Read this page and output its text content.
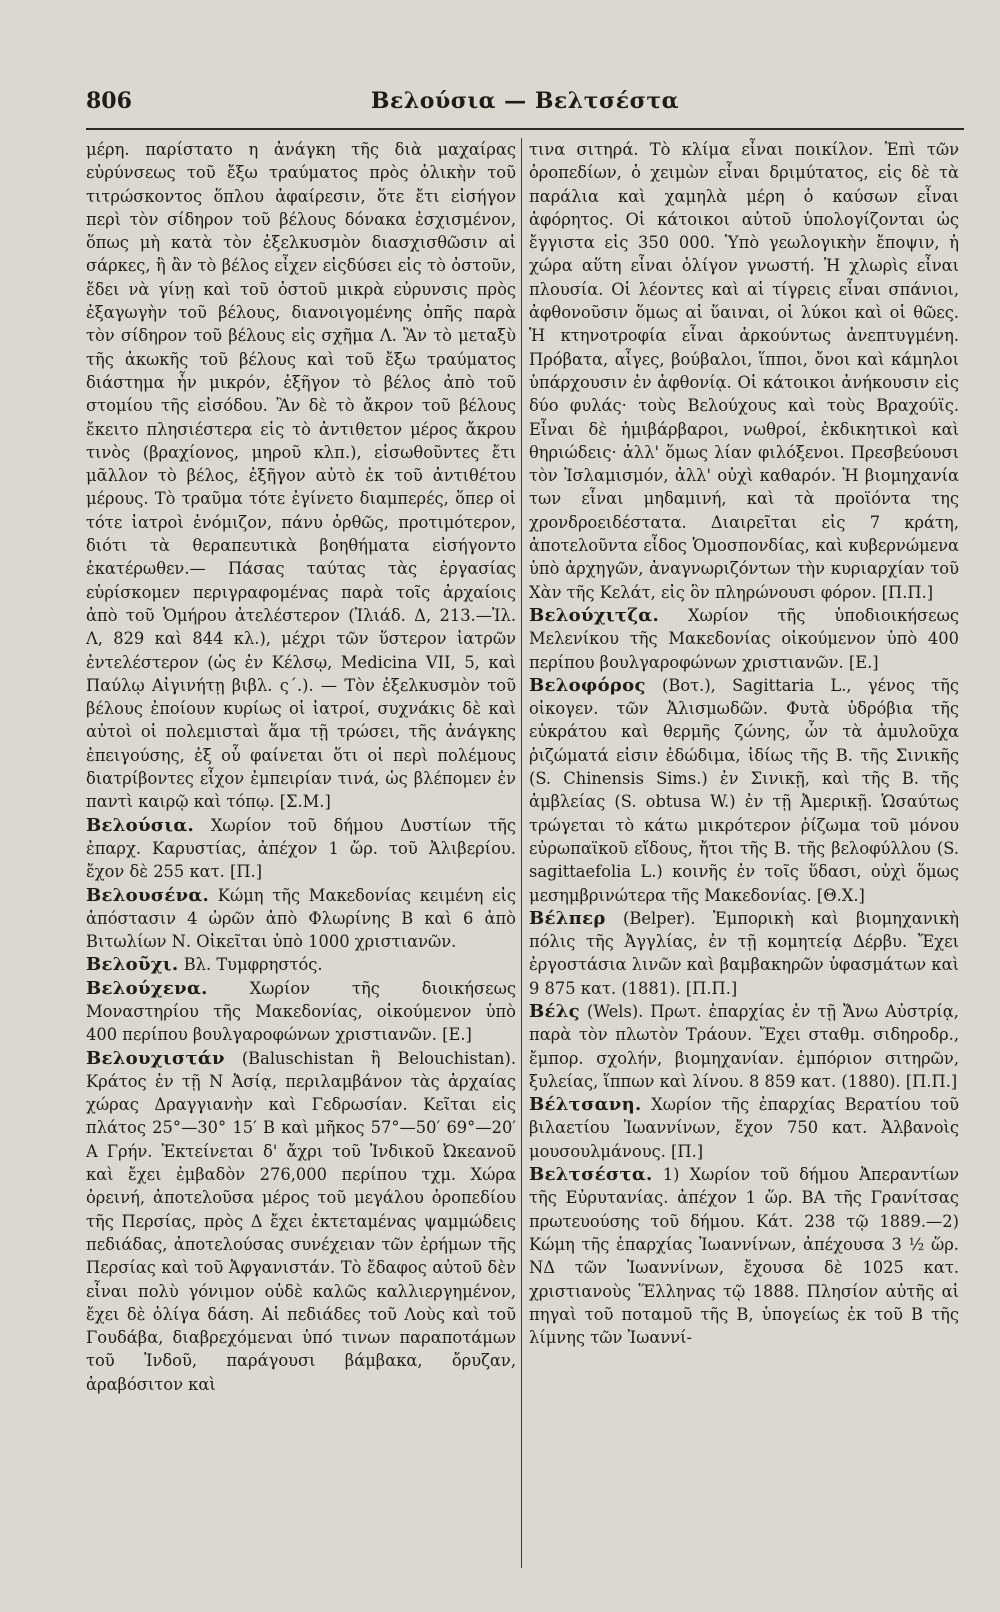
806	Βελούσια — Βελτσέστα

μέρη. παρίστατο η ἀνάγκη τῆς διὰ μαχαίρας εὐρύνσεως τοῦ ἔξω τραύματος πρὸς ὁλικὴν τοῦ τιτρώσκοντος ὅπλου ἀφαίρεσιν, ὅτε ἔτι εἰσήγον περὶ τὸν σίδηρον τοῦ βέλους δόνακα ἐσχισμένον, ὅπως μὴ κατὰ τὸν ἐξελκυσμὸν διασχισθῶσιν αἱ σάρκες, ἢ ἂν τὸ βέλος εἶχεν εἰςδύσει εἰς τὸ ὀστοῦν, ἔδει νὰ γίνῃ καὶ τοῦ ὀστοῦ μικρὰ εὐρυνσις πρὸς ἐξαγωγὴν τοῦ βέλους, διανοιγομένης ὀπῆς παρὰ τὸν σίδηρον τοῦ βέλους εἰς σχῆμα Λ. Ἂν τὸ μεταξὺ τῆς ἀκωκῆς τοῦ βέλους καὶ τοῦ ἔξω τραύματος διάστημα ἦν μικρόν, ἐξῆγον τὸ βέλος ἀπὸ τοῦ στομίου τῆς εἰσόδου. Ἂν δὲ τὸ ἄκρον τοῦ βέλους ἔκειτο πλησιέστερα εἰς τὸ ἀντιθετον μέρος ἄκρου τινὸς (βραχίονος, μηροῦ κλπ.), εἰσωθοῦντες ἔτι μᾶλλον τὸ βέλος, ἐξῆγον αὐτὸ ἐκ τοῦ ἀντιθέτου μέρους. Τὸ τραῦμα τότε ἐγίνετο διαμπερές, ὅπερ οἱ τότε ἰατροὶ ἐνόμιζον, πάνυ ὀρθῶς, προτιμότερον, διότι τὰ θεραπευτικὰ βοηθήματα εἰσήγοντο ἑκατέρωθεν.— Πάσας ταύτας τὰς ἐργασίας εὑρίσκομεν περιγραφομένας παρὰ τοῖς ἀρχαίοις ἀπὸ τοῦ Ὁμήρου ἀτελέστερον (Ἰλιάδ. Δ, 213.—Ἰλ. Λ, 829 καὶ 844 κλ.), μέχρι τῶν ὕστερον ἰατρῶν ἐντελέστερον (ὡς ἐν Κέλσῳ, Medicina VII, 5, καὶ Παύλῳ Αἰγινήτῃ βιβλ. ς΄.). — Τὸν ἐξελκυσμὸν τοῦ βέλους ἐποίουν κυρίως οἱ ἰατροί, συχνάκις δὲ καὶ αὐτοὶ οἱ πολεμισταὶ ἅμα τῇ τρώσει, τῆς ἀνάγκης ἐπειγούσης, ἐξ οὗ φαίνεται ὅτι οἱ περὶ πολέμους διατρίβοντες εἶχον ἐμπειρίαν τινά, ὡς βλέπομεν ἐν παντὶ καιρῷ καὶ τόπῳ. [Σ.Μ.]

Βελούσια. Χωρίον τοῦ δήμου Δυστίων τῆς ἐπαρχ. Καρυστίας, ἀπέχον 1 ὥρ. τοῦ Ἀλιβερίου. ἔχον δὲ 255 κατ. [Π.]

Βελουσένα. Κώμη τῆς Μακεδονίας κειμένη εἰς ἀπόστασιν 4 ὡρῶν ἀπὸ Φλωρίνης Β καὶ 6 ἀπὸ Βιτωλίων Ν. Οἰκεῖται ὑπὸ 1000 χριστιανῶν.

Βελοῦχι. Βλ. Τυμφρηστός.

Βελούχενα.	Χωρίον τῆς διοικήσεως Μοναστηρίου τῆς Μακεδονίας, οἰκούμενον ὑπὸ 400 περίπου βουλγαροφώνων χριστιανῶν. [Ε.]

Βελουχιστάν (Baluschistan ἢ Belouchistan). Κράτος ἐν τῇ Ν Ἀσίᾳ, περιλαμβάνον τὰς ἀρχαίας χώρας Δραγγιανὴν καὶ Γεδρωσίαν. Κεῖται εἰς πλάτος 25°—30° 15′ Β καὶ μῆκος 57°—50′ 69°—20′ Α Γρήν. Ἐκτείνεται δ' ἄχρι τοῦ Ἰνδικοῦ Ὠκεανοῦ καὶ ἔχει ἐμβαδὸν 276,000 περίπου τχμ. Χώρα ὀρεινή, ἀποτελοῦσα μέρος τοῦ μεγάλου ὀροπεδίου τῆς Περσίας, πρὸς Δ ἔχει ἐκτεταμένας ψαμμώδεις πεδιάδας, ἀποτελούσας συνέχειαν τῶν ἐρήμων τῆς Περσίας καὶ τοῦ Ἀφγανιστάν. Τὸ ἔδαφος αὐτοῦ δὲν εἶναι πολὺ γόνιμον οὐδὲ καλῶς καλλιεργημένον, ἔχει δὲ ὀλίγα δάση. Αἱ πεδιάδες τοῦ Λοὺς καὶ τοῦ Γουδάβα, διαβρεχόμεναι ὑπό τινων παραποτάμων τοῦ Ἰνδοῦ, παράγουσι βάμβακα, ὄρυζαν, ἀραβόσιτον καὶ

τινα σιτηρά. Τὸ κλίμα εἶναι ποικίλον. Ἐπὶ τῶν ὀροπεδίων, ὁ χειμὼν εἶναι δριμύτατος, εἰς δὲ τὰ παράλια καὶ χαμηλὰ μέρη ὁ καύσων εἶναι ἀφόρητος. Οἱ κάτοικοι αὐτοῦ ὑπολογίζονται ὡς ἔγγιστα εἰς 350 000. Ὑπὸ γεωλογικὴν ἔποψιν, ἡ χώρα αὕτη εἶναι ὀλίγον γνωστή. Ἡ χλωρὶς εἶναι πλουσία. Οἱ λέοντες καὶ αἱ τίγρεις εἶναι σπάνιοι, ἀφθονοῦσιν ὅμως αἱ ὕαιναι, οἱ λύκοι καὶ οἱ θῶες. Ἡ κτηνοτροφία εἶναι ἀρκούντως ἀνεπτυγμένη. Πρόβατα, αἶγες, βούβαλοι, ἵπποι, ὄνοι καὶ κάμηλοι ὑπάρχουσιν ἐν ἀφθονίᾳ. Οἱ κάτοικοι ἀνήκουσιν εἰς δύο φυλάς· τοὺς Βελούχους καὶ τοὺς Βραχούϊς. Εἶναι δὲ ἡμιβάρβαροι, νωθροί, ἐκδικητικοὶ καὶ θηριώδεις· ἀλλ' ὅμως λίαν φιλόξενοι. Πρεσβεύουσι τὸν Ἰσλαμισμόν, ἀλλ' οὐχὶ καθαρόν. Ἡ βιομηχανία των εἶναι μηδαμινή, καὶ τὰ προϊόντα της χρονδροειδέστατα. Διαιρεῖται εἰς 7 κράτη, ἀποτελοῦντα εἶδος Ὁμοσπονδίας, καὶ κυβερνώμενα ὑπὸ ἀρχηγῶν, ἀναγνωριζόντων τὴν κυριαρχίαν τοῦ Χὰν τῆς Κελάτ, εἰς ὃν πληρώνουσι φόρον. [Π.Π.]

Βελούχιτζα. Χωρίον τῆς ὑποδιοικήσεως Μελενίκου τῆς Μακεδονίας οἰκούμενον ὑπὸ 400 περίπου βουλγαροφώνων χριστιανῶν. [Ε.]

Βελοφόρος (Βοτ.), Sagittaria L., γένος τῆς οἰκογεν. τῶν Ἀλισμωδῶν. Φυτὰ ὑδρόβια τῆς εὐκράτου καὶ θερμῆς ζώνης, ὧν τὰ ἀμυλοῦχα ῥιζώματά εἰσιν ἐδώδιμα, ἰδίως τῆς Β. τῆς Σινικῆς (S. Chinensis Sims.) ἐν Σινικῇ, καὶ τῆς Β. τῆς ἀμβλείας (S. obtusa W.) ἐν τῇ Ἀμερικῇ. Ὡσαύτως τρώγεται τὸ κάτω μικρότερον ῥίζωμα τοῦ μόνου εὐρωπαϊκοῦ εἴδους, ἤτοι τῆς Β. τῆς βελοφύλλου (S. sagittaefolia L.) κοινῆς ἐν τοῖς ὕδασι, οὐχὶ ὅμως μεσημβρινώτερα τῆς Μακεδονίας. [Θ.Χ.]

Βέλπερ (Belper). Ἐμπορικὴ καὶ βιομηχανικὴ πόλις τῆς Ἀγγλίας, ἐν τῇ κομητείᾳ Δέρβυ. Ἔχει ἐργοστάσια λινῶν καὶ βαμβακηρῶν ὑφασμάτων καὶ 9 875 κατ. (1881). [Π.Π.]

Βέλς (Wels). Πρωτ. ἐπαρχίας ἐν τῇ Ἄνω Αὐστρίᾳ, παρὰ τὸν πλωτὸν Τράουν. Ἔχει σταθμ. σιδηροδρ., ἔμπορ. σχολήν, βιομηχανίαν. ἐμπόριον σιτηρῶν, ξυλείας, ἵππων καὶ λίνου. 8 859 κατ. (1880). [Π.Π.]

Βέλτσανη. Χωρίον τῆς ἐπαρχίας Βερατίου τοῦ βιλαετίου Ἰωαννίνων, ἔχον 750 κατ. Ἀλβανοὶς μουσουλμάνους. [Π.]

Βελτσέστα. 1) Χωρίον τοῦ δήμου Ἀπεραντίων τῆς Εὐρυτανίας. ἀπέχον 1 ὥρ. ΒΑ τῆς Γρανίτσας πρωτευούσης τοῦ δήμου. Κάτ. 238 τῷ 1889.—2) Κώμη τῆς ἐπαρχίας Ἰωαννίνων, ἀπέχουσα 3 ½ ὥρ. ΝΔ τῶν Ἰωαννίνων, ἔχουσα δὲ 1025 κατ. χριστιανοὺς Ἕλληνας τῷ 1888. Πλησίον αὐτῆς αἱ πηγαὶ τοῦ ποταμοῦ τῆς Β, ὑπογείως ἐκ τοῦ Β τῆς λίμνης τῶν Ἰωαννί-
